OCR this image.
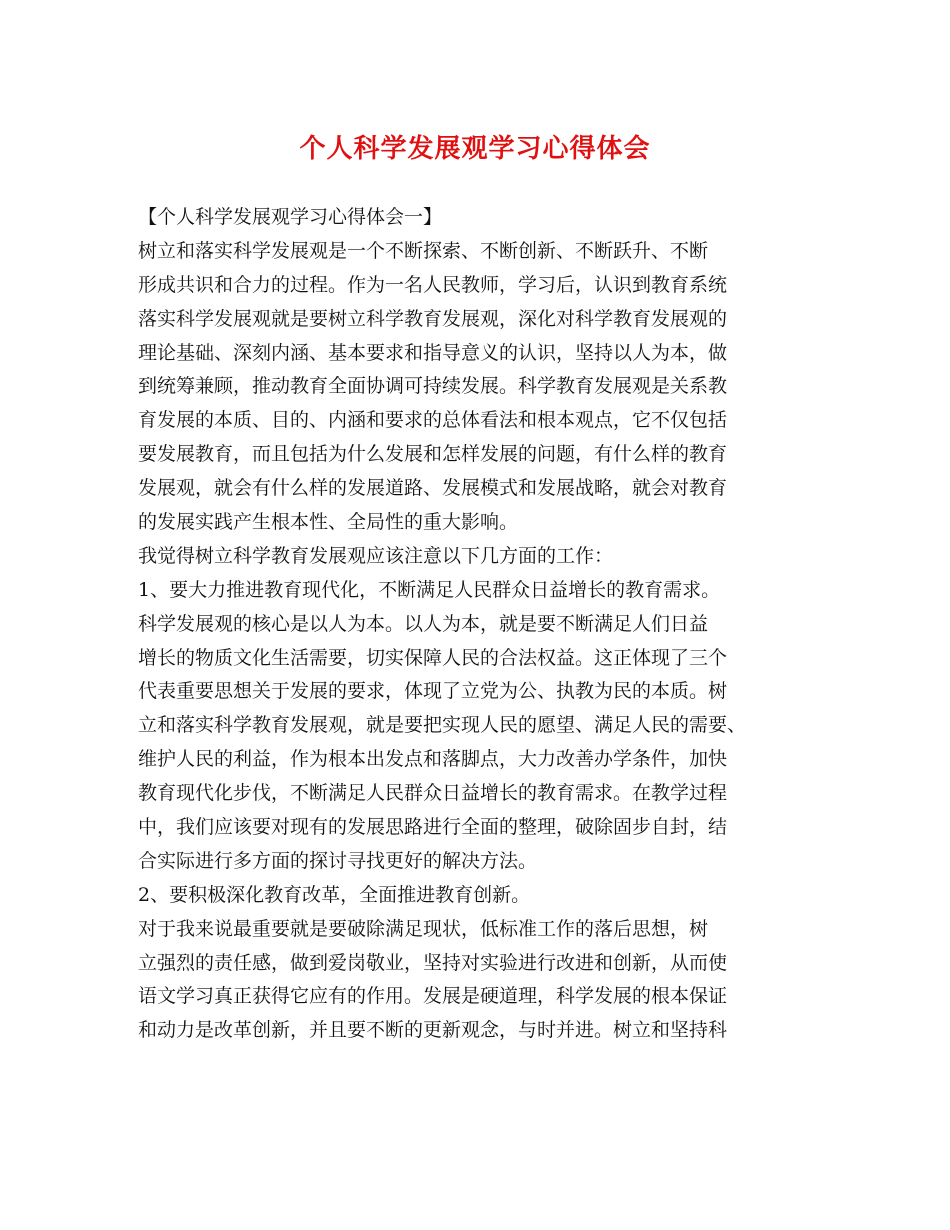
个人科学发展观学习心得体会

【个人科学发展观学习心得体会一】

树立和落实科学发展观是一个不断探索、不断创新、不断跃升、不断

形成共识和合力的过程。作为一名人民教师，学习后，认识到教育系统

落实科学发展观就是要树立科学教育发展观，深化对科学教育发展观的

理论基础、深刻内涵、基本要求和指导意义的认识，坚持以人为本，做

到统筹兼顾，推动教育全面协调可持续发展。科学教育发展观是关系教

育发展的本质、目的、内涵和要求的总体看法和根本观点，它不仅包括

要发展教育，而且包括为什么发展和怎样发展的问题，有什么样的教育

发展观，就会有什么样的发展道路、发展模式和发展战略，就会对教育

的发展实践产生根本性、全局性的重大影响。

我觉得树立科学教育发展观应该注意以下几方面的工作：

1、要大力推进教育现代化，不断满足人民群众日益增长的教育需求。

科学发展观的核心是以人为本。以人为本，就是要不断满足人们日益

增长的物质文化生活需要，切实保障人民的合法权益。这正体现了三个

代表重要思想关于发展的要求，体现了立党为公、执教为民的本质。树

立和落实科学教育发展观，就是要把实现人民的愿望、满足人民的需要、

维护人民的利益，作为根本出发点和落脚点，大力改善办学条件，加快

教育现代化步伐，不断满足人民群众日益增长的教育需求。在教学过程

中，我们应该要对现有的发展思路进行全面的整理，破除固步自封，结

合实际进行多方面的探讨寻找更好的解决方法。

2、要积极深化教育改革，全面推进教育创新。

对于我来说最重要就是要破除满足现状，低标准工作的落后思想，树

立强烈的责任感，做到爱岗敬业，坚持对实验进行改进和创新，从而使

语文学习真正获得它应有的作用。发展是硬道理，科学发展的根本保证

和动力是改革创新，并且要不断的更新观念，与时并进。树立和坚持科
